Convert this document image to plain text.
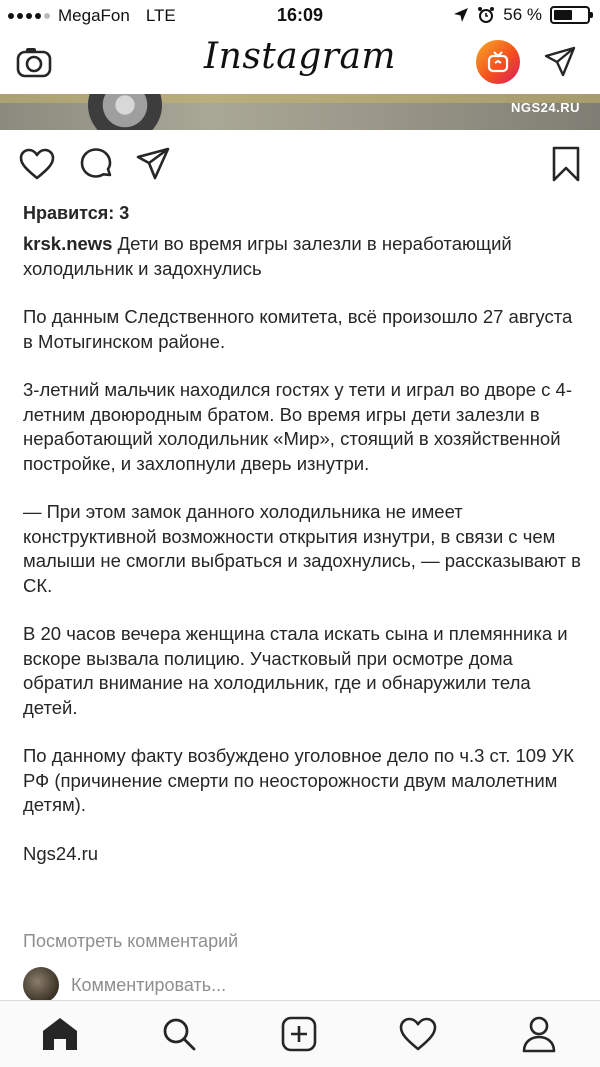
MegaFon LTE	16:09	56 %
Instagram
NGS24.RU
Нравится: 3

krsk.news Дети во время игры залезли в неработающий холодильник и задохнулись

По данным Следственного комитета, всё произошло 27 августа в Мотыгинском районе.

3-летний мальчик находился гостях у тети и играл во дворе с 4-летним двоюродным братом. Во время игры дети залезли в неработающий холодильник «Мир», стоящий в хозяйственной постройке, и захлопнули дверь изнутри.

— При этом замок данного холодильника не имеет конструктивной возможности открытия изнутри, в связи с чем малыши не смогли выбраться и задохнулись, — рассказывают в СК.

В 20 часов вечера женщина стала искать сына и племянника и вскоре вызвала полицию. Участковый при осмотре дома обратил внимание на холодильник, где и обнаружили тела детей.

По данному факту возбуждено уголовное дело по ч.3 ст. 109 УК РФ (причинение смерти по неосторожности двум малолетним детям).

Ngs24.ru

Посмотреть комментарий
Комментировать...
